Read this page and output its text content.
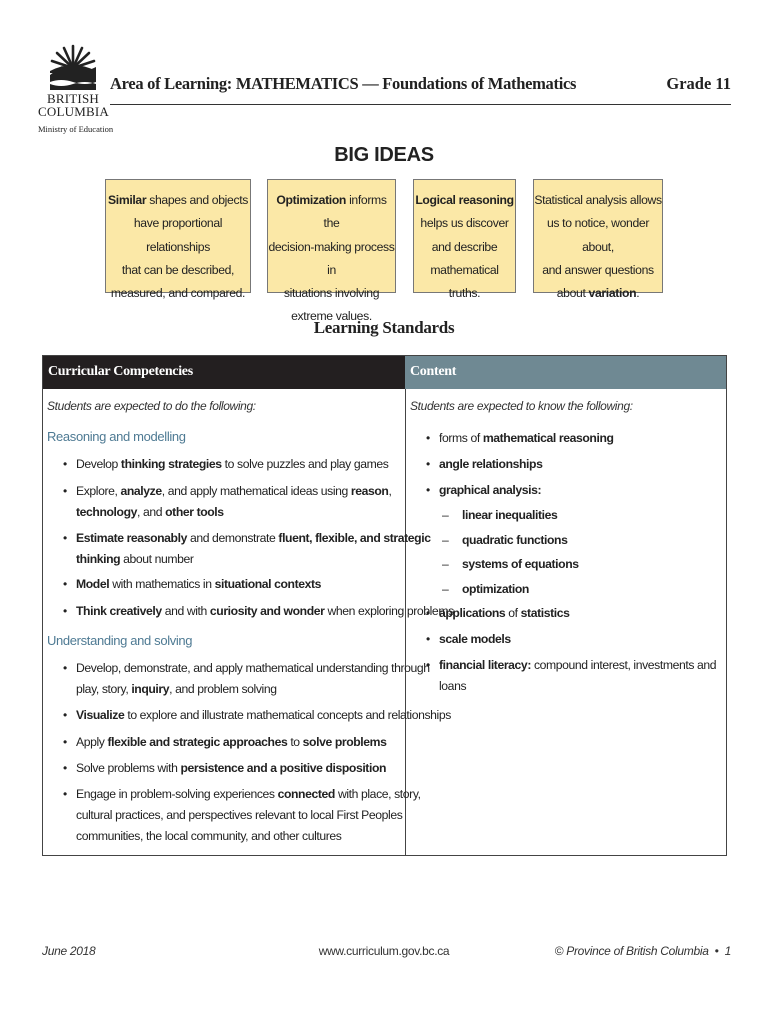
BRITISH
COLUMBIA
Ministry of Education
Area of Learning: MATHEMATICS — Foundations of Mathematics	Grade 11
BIG IDEAS
Similar shapes and objects
have proportional relationships
that can be described,
measured, and compared.
Optimization informs the
decision-making process in
situations involving
extreme values.
Logical reasoning
helps us discover
and describe
mathematical truths.
Statistical analysis allows
us to notice, wonder about,
and answer questions
about variation.
Learning Standards
Curricular Competencies	Content
Students are expected to do the following:
Reasoning and modelling
• Develop thinking strategies to solve puzzles and play games
• Explore, analyze, and apply mathematical ideas using reason,
technology, and other tools
• Estimate reasonably and demonstrate fluent, flexible, and strategic
thinking about number
• Model with mathematics in situational contexts
• Think creatively and with curiosity and wonder when exploring problems
Understanding and solving
• Develop, demonstrate, and apply mathematical understanding through
play, story, inquiry, and problem solving
• Visualize to explore and illustrate mathematical concepts and relationships
• Apply flexible and strategic approaches to solve problems
• Solve problems with persistence and a positive disposition
• Engage in problem-solving experiences connected with place, story,
cultural practices, and perspectives relevant to local First Peoples
communities, the local community, and other cultures
Students are expected to know the following:
• forms of mathematical reasoning
• angle relationships
• graphical analysis:
– linear inequalities
– quadratic functions
– systems of equations
– optimization
• applications of statistics
• scale models
• financial literacy: compound interest, investments and loans
June 2018	www.curriculum.gov.bc.ca	© Province of British Columbia  •  1
